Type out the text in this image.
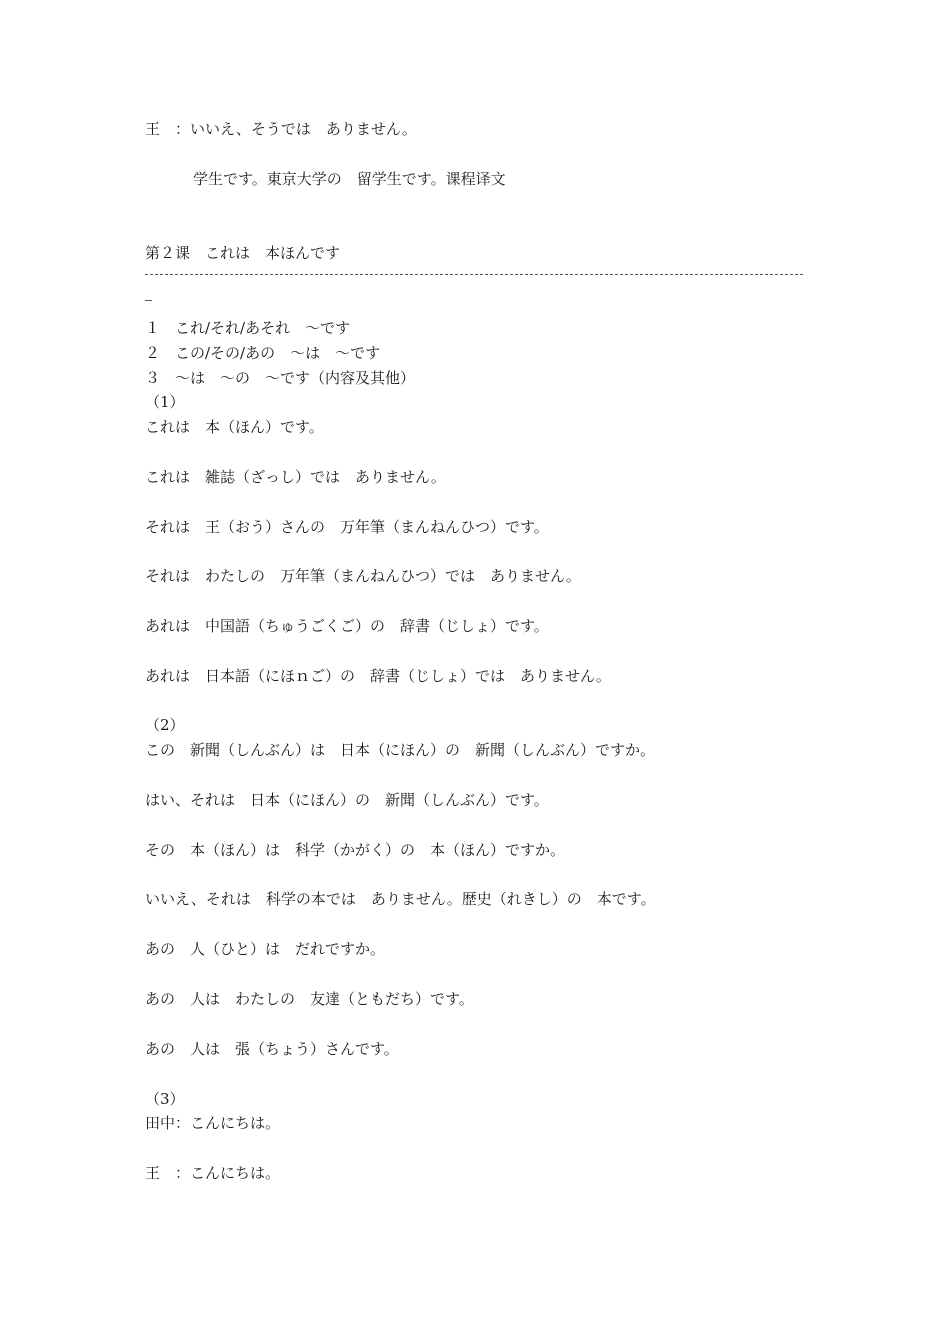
王　：いいえ、そうでは　ありません。

学生です。東京大学の　留学生です。课程译文

第２课　これは　本ほんです

１　これ/それ/あそれ　～です

２　この/その/あの　～は　～です

３　～は　～の　～です（内容及其他）

（1）

これは　本（ほん）です。

これは　雑誌（ざっし）では　ありません。

それは　王（おう）さんの　万年筆（まんねんひつ）です。

それは　わたしの　万年筆（まんねんひつ）では　ありません。

あれは　中国語（ちゅうごくご）の　辞書（じしょ）です。

あれは　日本語（にほｎご）の　辞書（じしょ）では　ありません。

（2）

この　新聞（しんぶん）は　日本（にほん）の　新聞（しんぶん）ですか。

はい、それは　日本（にほん）の　新聞（しんぶん）です。

その　本（ほん）は　科学（かがく）の　本（ほん）ですか。

いいえ、それは　科学の本では　ありません。歴史（れきし）の　本です。

あの　人（ひと）は　だれですか。

あの　人は　わたしの　友達（ともだち）です。

あの　人は　張（ちょう）さんです。

（3）

田中：こんにちは。

王　：こんにちは。
